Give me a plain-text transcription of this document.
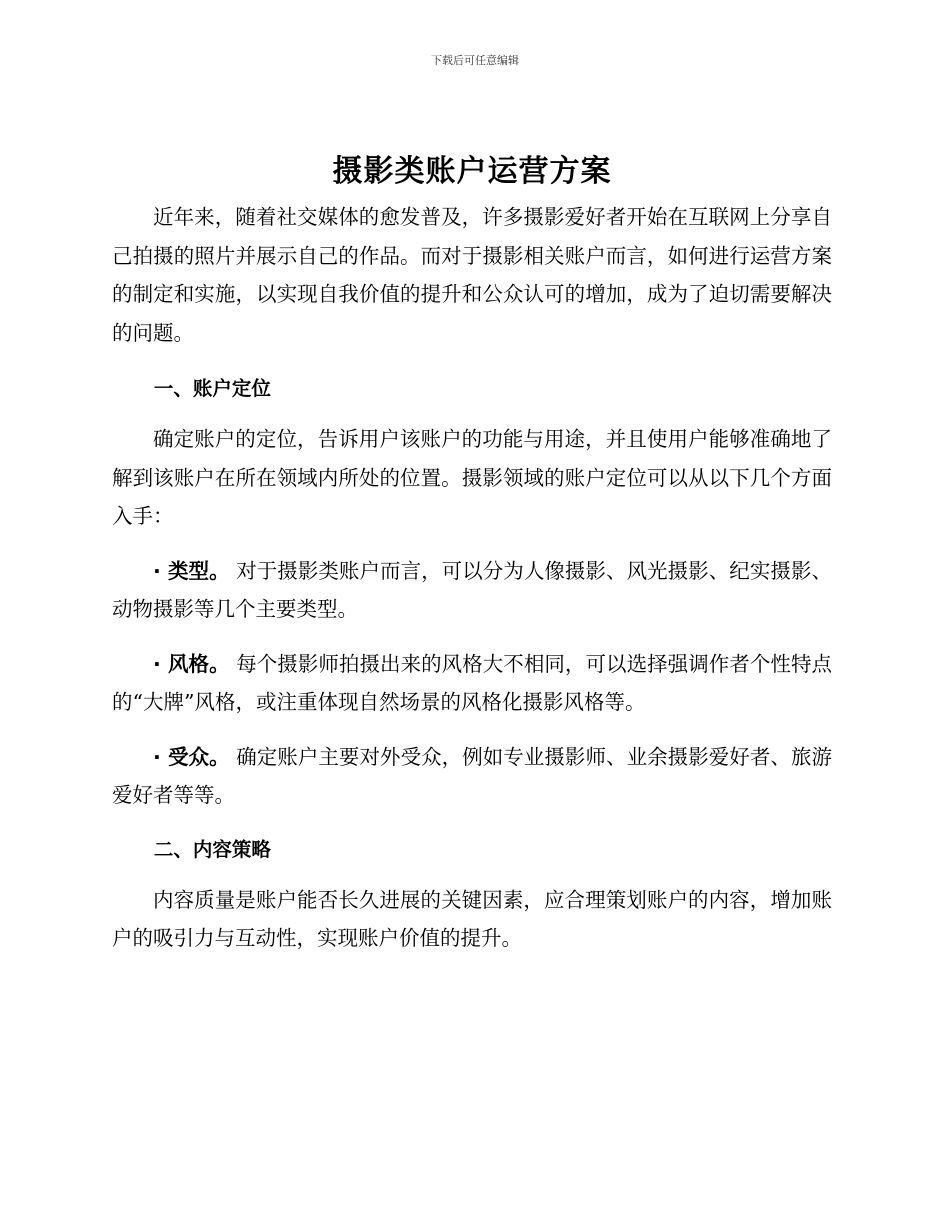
下载后可任意编辑
摄影类账户运营方案

近年来，随着社交媒体的愈发普及，许多摄影爱好者开始在互联网上分享自己拍摄的照片并展示自己的作品。而对于摄影相关账户而言，如何进行运营方案的制定和实施，以实现自我价值的提升和公众认可的增加，成为了迫切需要解决的问题。

一、账户定位

确定账户的定位，告诉用户该账户的功能与用途，并且使用户能够准确地了解到该账户在所在领域内所处的位置。摄影领域的账户定位可以从以下几个方面入手：

· 类型。 对于摄影类账户而言，可以分为人像摄影、风光摄影、纪实摄影、动物摄影等几个主要类型。

· 风格。 每个摄影师拍摄出来的风格大不相同，可以选择强调作者个性特点的“大牌”风格，或注重体现自然场景的风格化摄影风格等。

· 受众。 确定账户主要对外受众，例如专业摄影师、业余摄影爱好者、旅游爱好者等等。

二、内容策略

内容质量是账户能否长久进展的关键因素，应合理策划账户的内容，增加账户的吸引力与互动性，实现账户价值的提升。
